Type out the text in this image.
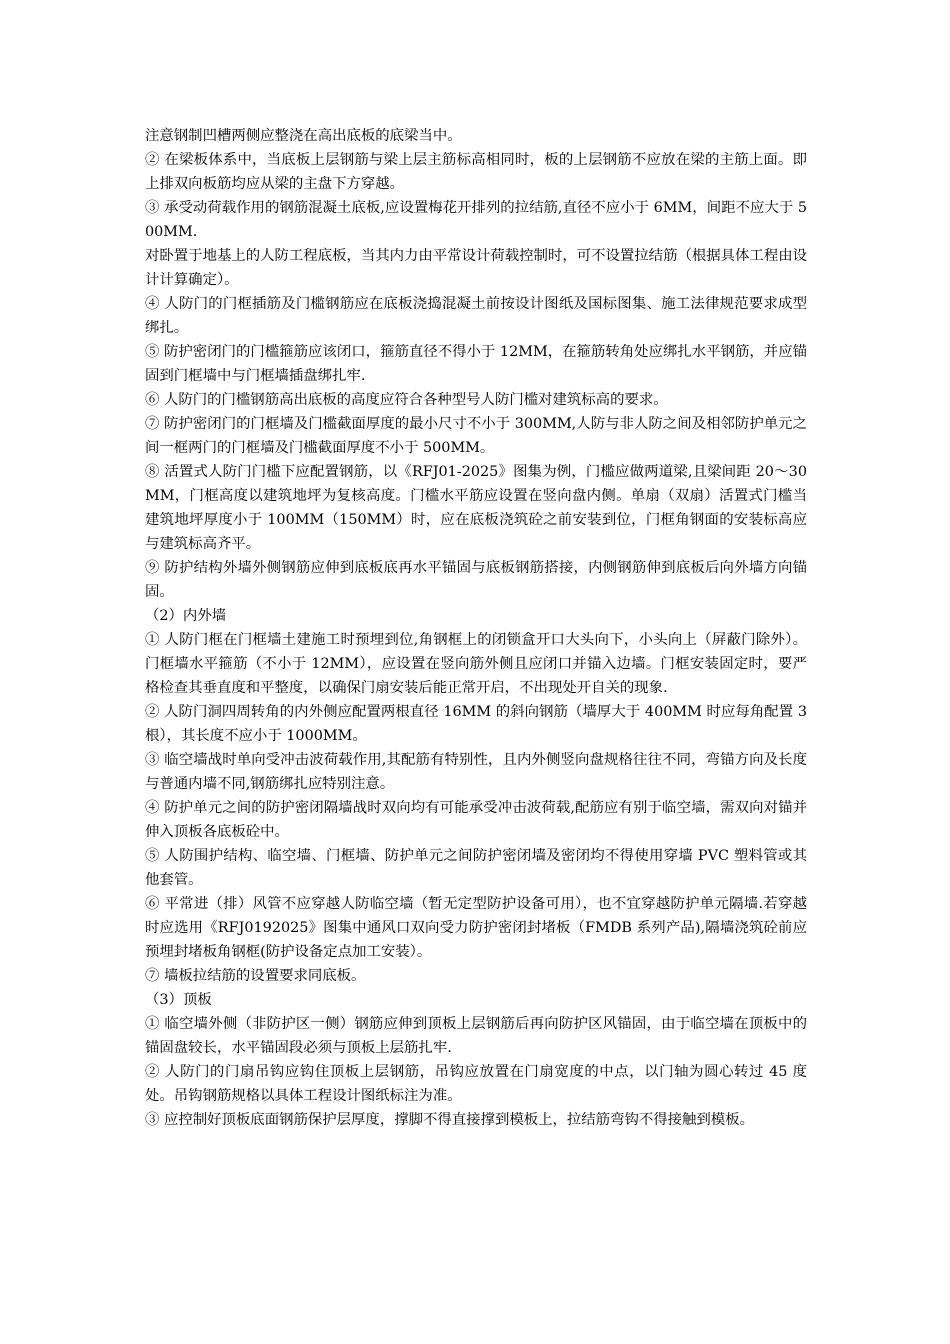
注意钢制凹槽两侧应整浇在高出底板的底梁当中。

② 在梁板体系中，当底板上层钢筋与梁上层主筋标高相同时，板的上层钢筋不应放在梁的主筋上面。即上排双向板筋均应从梁的主盘下方穿越。

③ 承受动荷载作用的钢筋混凝土底板,应设置梅花开排列的拉结筋,直径不应小于 6MM，间距不应大于 500MM.

对卧置于地基上的人防工程底板，当其内力由平常设计荷载控制时，可不设置拉结筋（根据具体工程由设计计算确定）。

④ 人防门的门框插筋及门槛钢筋应在底板浇捣混凝土前按设计图纸及国标图集、施工法律规范要求成型绑扎。

⑤ 防护密闭门的门槛箍筋应该闭口，箍筋直径不得小于 12MM，在箍筋转角处应绑扎水平钢筋，并应锚固到门框墙中与门框墙插盘绑扎牢.

⑥ 人防门的门槛钢筋高出底板的高度应符合各种型号人防门槛对建筑标高的要求。

⑦ 防护密闭门的门框墙及门槛截面厚度的最小尺寸不小于 300MM,人防与非人防之间及相邻防护单元之间一框两门的门框墙及门槛截面厚度不小于 500MM。

⑧ 活置式人防门门槛下应配置钢筋，以《RFJ01-2025》图集为例，门槛应做两道梁,且梁间距 20～30MM，门框高度以建筑地坪为复核高度。门槛水平筋应设置在竖向盘内侧。单扇（双扇）活置式门槛当建筑地坪厚度小于 100MM（150MM）时，应在底板浇筑砼之前安装到位，门框角钢面的安装标高应与建筑标高齐平。

⑨ 防护结构外墙外侧钢筋应伸到底板底再水平锚固与底板钢筋搭接，内侧钢筋伸到底板后向外墙方向锚固。

（2）内外墙

① 人防门框在门框墙土建施工时预埋到位,角钢框上的闭锁盒开口大头向下，小头向上（屏蔽门除外）。门框墙水平箍筋（不小于 12MM），应设置在竖向筋外侧且应闭口并锚入边墙。门框安装固定时，要严格检查其垂直度和平整度，以确保门扇安装后能正常开启，不出现处开自关的现象.

② 人防门洞四周转角的内外侧应配置两根直径 16MM 的斜向钢筋（墙厚大于 400MM 时应每角配置 3 根），其长度不应小于 1000MM。

③ 临空墙战时单向受冲击波荷载作用,其配筋有特别性，且内外侧竖向盘规格往往不同，弯锚方向及长度与普通内墙不同,钢筋绑扎应特别注意。

④ 防护单元之间的防护密闭隔墙战时双向均有可能承受冲击波荷载,配筋应有别于临空墙，需双向对锚并伸入顶板各底板砼中。

⑤ 人防围护结构、临空墙、门框墙、防护单元之间防护密闭墙及密闭均不得使用穿墙 PVC 塑料管或其他套管。

⑥ 平常进（排）风管不应穿越人防临空墙（暂无定型防护设备可用），也不宜穿越防护单元隔墙.若穿越时应选用《RFJ0192025》图集中通风口双向受力防护密闭封堵板（FMDB 系列产品),隔墙浇筑砼前应预埋封堵板角钢框(防护设备定点加工安装）。

⑦ 墙板拉结筋的设置要求同底板。

（3）顶板

① 临空墙外侧（非防护区一侧）钢筋应伸到顶板上层钢筋后再向防护区风锚固，由于临空墙在顶板中的锚固盘较长，水平锚固段必须与顶板上层筋扎牢.

② 人防门的门扇吊钩应钩住顶板上层钢筋，吊钩应放置在门扇宽度的中点，以门轴为圆心转过 45 度处。吊钩钢筋规格以具体工程设计图纸标注为准。

③ 应控制好顶板底面钢筋保护层厚度，撑脚不得直接撑到模板上，拉结筋弯钩不得接触到模板。
